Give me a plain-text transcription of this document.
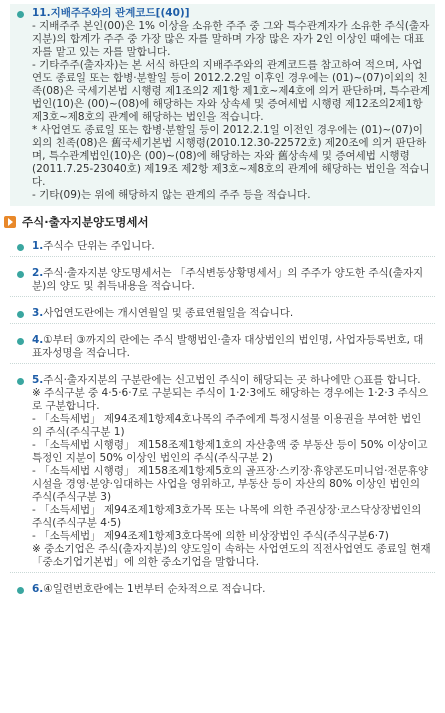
11.지배주주와의 관계코드[(40)]

- 지배주주 본인(00)은 1% 이상을 소유한 주주 중 그와 특수관계자가 소유한 주식(출자지분)의 합계가 주주 중 가장 많은 자를 말하며 가장 많은 자가 2인 이상인 때에는 대표자를 맡고 있는 자를 말합니다.

- 기타주주(출자자)는 본 서식 하단의 지배주주와의 관계코드를 참고하여 적으며, 사업연도 종료일 또는 합병·분할일 등이 2012.2.2일 이후인 경우에는 (01)~(07)이외의 친족(08)은 국세기본법 시행령 제1조의2 제1항 제1호~제4호에 의거 판단하며, 특수관계법인(10)은 (00)~(08)에 해당하는 자와 상속세 및 증여세법 시행령 제12조의2제1항 제3호~제8호의 관계에 해당하는 법인을 적습니다.

* 사업연도 종료일 또는 합병·분할일 등이 2012.2.1일 이전인 경우에는 (01)~(07)이외의 친족(08)은 舊국세기본법 시행령(2010.12.30-22572호) 제20조에 의거 판단하며, 특수관계법인(10)은 (00)~(08)에 해당하는 자와 舊상속세 및 증여세법 시행령(2011.7.25-23040호) 제19조 제2항 제3호~제8호의 관계에 해당하는 법인을 적습니다.

- 기타(09)는 위에 해당하지 않는 관계의 주주 등을 적습니다.

주식·출자지분양도명세서

1.주식수 단위는 주입니다.

2.주식·출자지분 양도명세서는 「주식변동상황명세서」의 주주가 양도한 주식(출자지분)의 양도 및 취득내용을 적습니다.

3.사업연도란에는 개시연월일 및 종료연월일을 적습니다.

4.①부터 ③까지의 란에는 주식 발행법인·출자 대상법인의 법인명, 사업자등록번호, 대표자성명을 적습니다.

5.주식·출자지분의 구분란에는 신고법인 주식이 해당되는 곳 하나에만 ○표를 합니다.

※ 주식구분 중 4·5·6·7로 구분되는 주식이 1·2·3에도 해당하는 경우에는 1·2·3 주식으로 구분합니다.

- 「소득세법」 제94조제1항제4호나목의 주주에게 특정시설물 이용권을 부여한 법인의 주식(주식구분 1)

- 「소득세법 시행령」 제158조제1항제1호의 자산총액 중 부동산 등이 50% 이상이고 특정인 지분이 50% 이상인 법인의 주식(주식구분 2)

- 「소득세법 시행령」 제158조제1항제5호의 골프장·스키장·휴양콘도미니엄·전문휴양시설을 경영·분양·임대하는 사업을 영위하고, 부동산 등이 자산의 80% 이상인 법인의 주식(주식구분 3)

- 「소득세법」 제94조제1항제3호가목 또는 나목에 의한 주권상장·코스닥상장법인의 주식(주식구분 4·5)

- 「소득세법」 제94조제1항제3호다목에 의한 비상장법인 주식(주식구분6·7)

※ 중소기업은 주식(출자지분)의 양도일이 속하는 사업연도의 직전사업연도 종료일 현재 「중소기업기본법」에 의한 중소기업을 말합니다.

6.④일련번호란에는 1번부터 순차적으로 적습니다.
